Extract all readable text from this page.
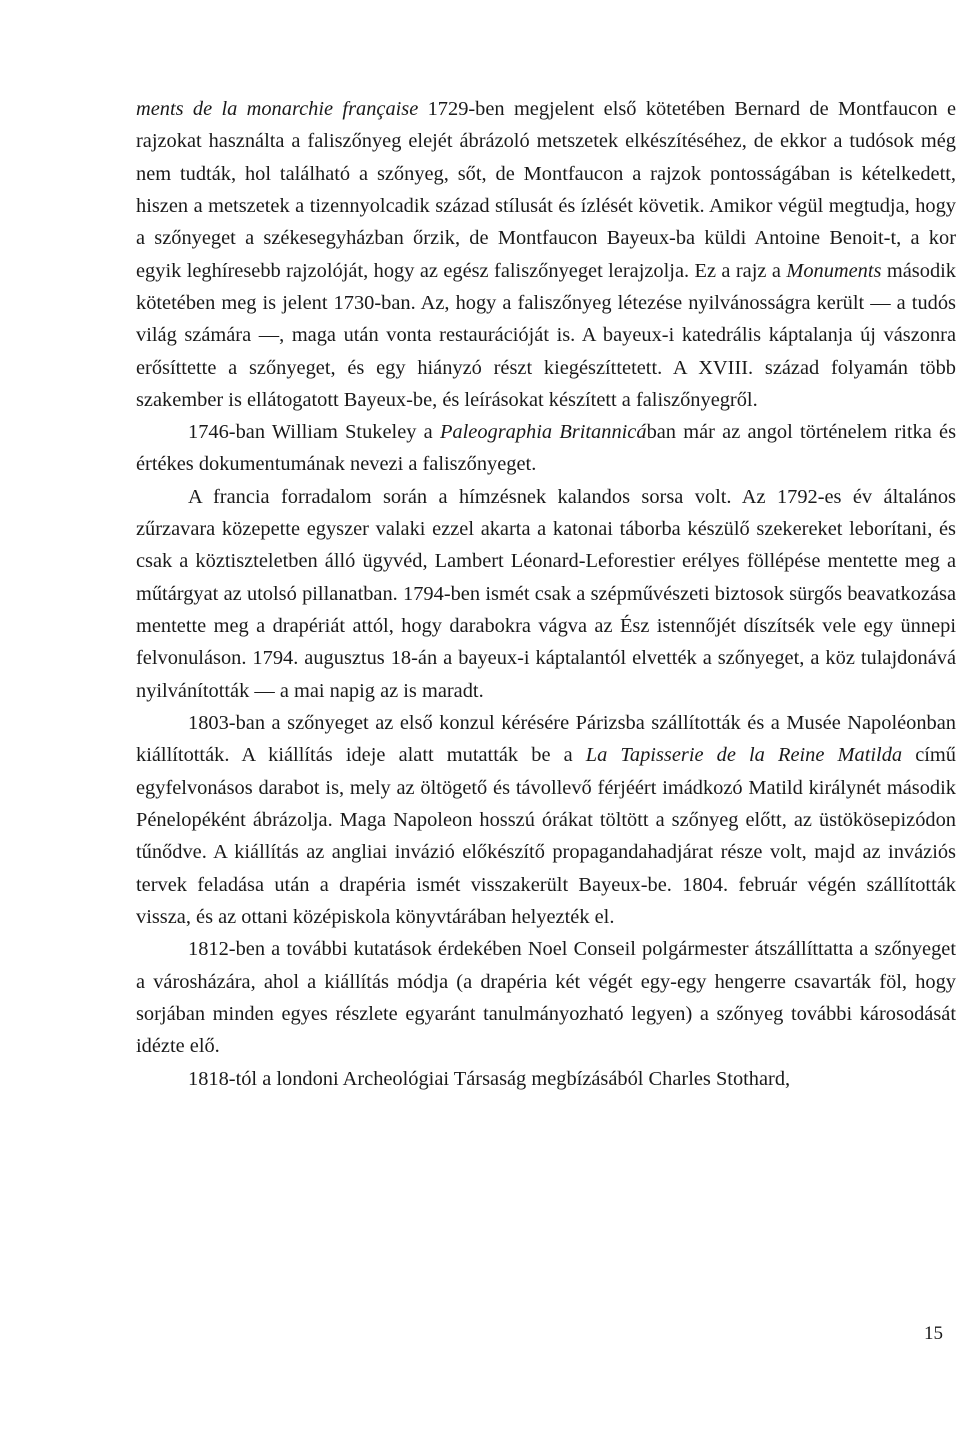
ments de la monarchie française 1729-ben megjelent első kötetében Bernard de Montfaucon e rajzokat használta a faliszőnyeg elejét ábrázoló metszetek elkészítéséhez, de ekkor a tudósok még nem tudták, hol található a szőnyeg, sőt, de Montfaucon a rajzok pontosságában is kételkedett, hiszen a metszetek a tizennyolcadik század stílusát és ízlését követik. Amikor végül megtudja, hogy a szőnyeget a székesegyházban őrzik, de Montfaucon Bayeux-ba küldi Antoine Benoit-t, a kor egyik leghíresebb rajzolóját, hogy az egész faliszőnyeget lerajzolja. Ez a rajz a Monuments második kötetében meg is jelent 1730-ban. Az, hogy a faliszőnyeg létezése nyilvánosságra került — a tudós világ számára —, maga után vonta restaurációját is. A bayeux-i katedrális káptalanja új vászonra erősíttette a szőnyeget, és egy hiányzó részt kiegészíttetett. A XVIII. század folyamán több szakember is ellátogatott Bayeux-be, és leírásokat készített a faliszőnyegről.

1746-ban William Stukeley a Paleographia Britannicában már az angol történelem ritka és értékes dokumentumának nevezi a faliszőnyeget.

A francia forradalom során a hímzésnek kalandos sorsa volt. Az 1792-es év általános zűrzavara közepette egyszer valaki ezzel akarta a katonai táborba készülő szekereket leborítani, és csak a köztiszteletben álló ügyvéd, Lambert Léonard-Leforestier erélyes föllépése mentette meg a műtárgyat az utolsó pillanatban. 1794-ben ismét csak a szépművészeti biztosok sürgős beavatkozása mentette meg a drapériát attól, hogy darabokra vágva az Ész istennőjét díszítsék vele egy ünnepi felvonuláson. 1794. augusztus 18-án a bayeux-i káptalantól elvették a szőnyeget, a köz tulajdonává nyilvánították — a mai napig az is maradt.

1803-ban a szőnyeget az első konzul kérésére Párizsba szállították és a Musée Napoléonban kiállították. A kiállítás ideje alatt mutatták be a La Tapisserie de la Reine Matilda című egyfelvonásos darabot is, mely az öltögető és távollevő férjéért imádkozó Matild királynét második Pénelopéként ábrázolja. Maga Napoleon hosszú órákat töltött a szőnyeg előtt, az üstökösepizódon tűnődve. A kiállítás az angliai invázió előkészítő propagandahadjárat része volt, majd az inváziós tervek feladása után a drapéria ismét visszakerült Bayeux-be. 1804. február végén szállították vissza, és az ottani középiskola könyvtárában helyezték el.

1812-ben a további kutatások érdekében Noel Conseil polgármester átszállíttatta a szőnyeget a városházára, ahol a kiállítás módja (a drapéria két végét egy-egy hengerre csavarták föl, hogy sorjában minden egyes részlete egyaránt tanulmányozható legyen) a szőnyeg további károsodását idézte elő.

1818-tól a londoni Archeológiai Társaság megbízásából Charles Stothard,

15
